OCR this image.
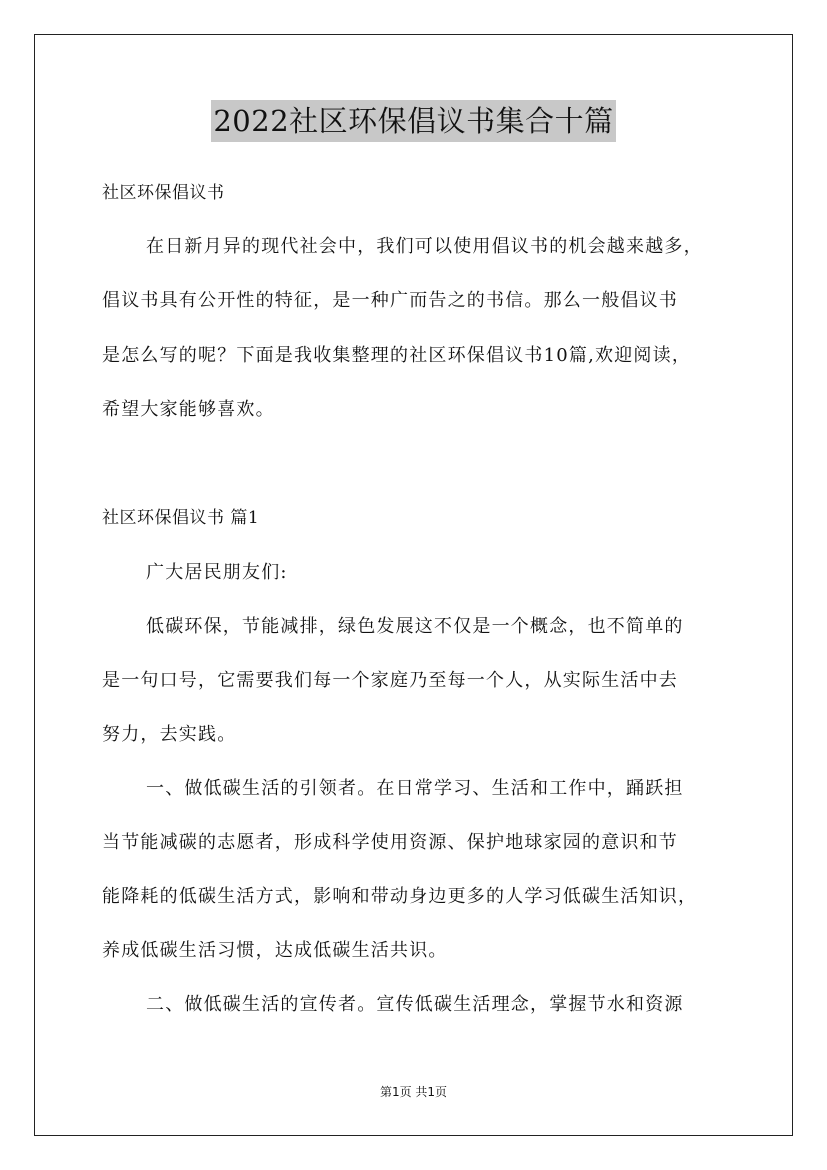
2022社区环保倡议书集合十篇
社区环保倡议书
在日新月异的现代社会中，我们可以使用倡议书的机会越来越多，
倡议书具有公开性的特征，是一种广而告之的书信。那么一般倡议书
是怎么写的呢？下面是我收集整理的社区环保倡议书10篇,欢迎阅读，
希望大家能够喜欢。
社区环保倡议书 篇1
广大居民朋友们:
低碳环保，节能减排，绿色发展这不仅是一个概念，也不简单的
是一句口号，它需要我们每一个家庭乃至每一个人，从实际生活中去
努力，去实践。
一、做低碳生活的引领者。在日常学习、生活和工作中，踊跃担
当节能减碳的志愿者，形成科学使用资源、保护地球家园的意识和节
能降耗的低碳生活方式，影响和带动身边更多的人学习低碳生活知识，
养成低碳生活习惯，达成低碳生活共识。
二、做低碳生活的宣传者。宣传低碳生活理念，掌握节水和资源
第1页 共1页
